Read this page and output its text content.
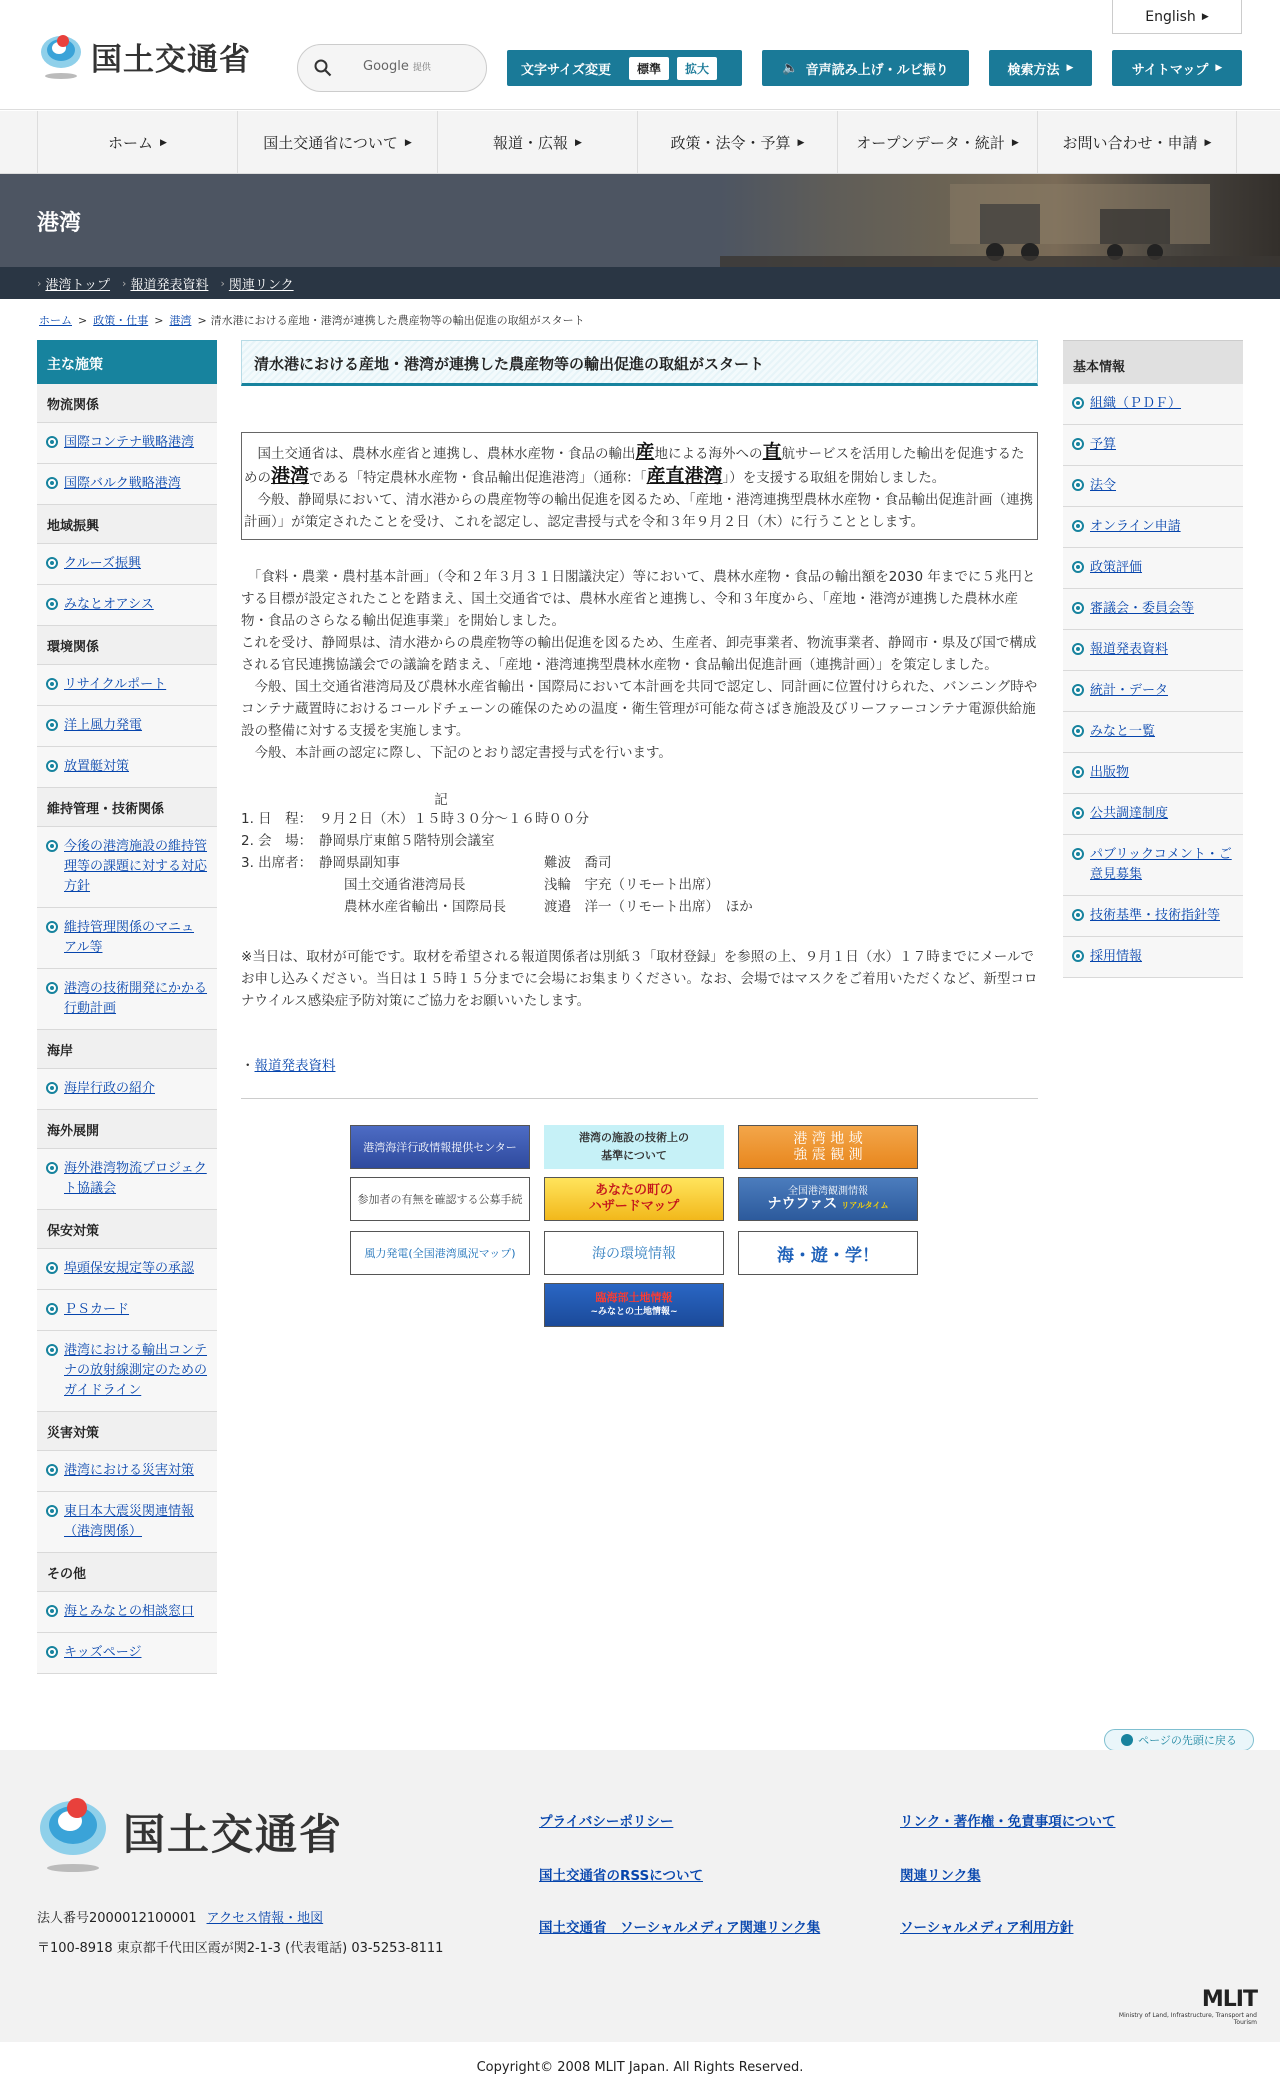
国土交通省	Google 提供
English ▶
文字サイズ変更	標準	拡大	🔈 音声読み上げ・ルビ振り	検索方法 ▶	サイトマップ ▶
ホーム ▶	国土交通省について ▶	報道・広報 ▶	政策・法令・予算 ▶	オープンデータ・統計 ▶	お問い合わせ・申請 ▶
港湾
› 港湾トップ › 報道発表資料 › 関連リンク
ホーム > 政策・仕事 > 港湾 > 清水港における産地・港湾が連携した農産物等の輸出促進の取組がスタート
主な施策
物流関係
国際コンテナ戦略港湾
国際バルク戦略港湾
地域振興
クルーズ振興
みなとオアシス
環境関係
リサイクルポート
洋上風力発電
放置艇対策
維持管理・技術関係
今後の港湾施設の維持管理等の課題に対する対応方針
維持管理関係のマニュアル等
港湾の技術開発にかかる行動計画
海岸
海岸行政の紹介
海外展開
海外港湾物流プロジェクト協議会
保安対策
埠頭保安規定等の承認
ＰＳカード
港湾における輸出コンテナの放射線測定のためのガイドライン
災害対策
港湾における災害対策
東日本大震災関連情報（港湾関係）
その他
海とみなとの相談窓口
キッズページ
基本情報
組織（ＰＤＦ）
予算
法令
オンライン申請
政策評価
審議会・委員会等
報道発表資料
統計・データ
みなと一覧
出版物
公共調達制度
パブリックコメント・ご意見募集
技術基準・技術指針等
採用情報
清水港における産地・港湾が連携した農産物等の輸出促進の取組がスタート
　国土交通省は、農林水産省と連携し、農林水産物・食品の輸出産地による海外への直航サービスを活用した輸出を促進するための港湾である「特定農林水産物・食品輸出促進港湾」（通称：「産直港湾」）を支援する取組を開始しました。
　今般、静岡県において、清水港からの農産物等の輸出促進を図るため、「産地・港湾連携型農林水産物・食品輸出促進計画（連携計画）」が策定されたことを受け、これを認定し、認定書授与式を令和３年９月２日（木）に行うこととします。

　「食料・農業・農村基本計画」（令和２年３月３１日閣議決定）等において、農林水産物・食品の輸出額を2030 年までに５兆円とする目標が設定されたことを踏まえ、国土交通省では、農林水産省と連携し、令和３年度から、「産地・港湾が連携した農林水産物・食品のさらなる輸出促進事業」を開始しました。

これを受け、静岡県は、清水港からの農産物等の輸出促進を図るため、生産者、卸売事業者、物流事業者、静岡市・県及び国で構成される官民連携協議会での議論を踏まえ、「産地・港湾連携型農林水産物・食品輸出促進計画（連携計画）」を策定しました。

　今般、国土交通省港湾局及び農林水産省輸出・国際局において本計画を共同で認定し、同計画に位置付けられた、バンニング時やコンテナ蔵置時におけるコールドチェーンの確保のための温度・衛生管理が可能な荷さばき施設及びリーファーコンテナ電源供給施設の整備に対する支援を実施します。

　今般、本計画の認定に際し、下記のとおり認定書授与式を行います。

記
1. 日　程： ９月２日（木）１５時３０分～１６時００分
2. 会　場： 静岡県庁東館５階特別会議室
3. 出席者： 静岡県副知事	難波　喬司
国土交通省港湾局長	浅輪　宇充（リモート出席）
農林水産省輸出・国際局長	渡邉　洋一（リモート出席）　ほか
※当日は、取材が可能です。取材を希望される報道関係者は別紙３「取材登録」を参照の上、９月１日（水）１７時までにメールでお申し込みください。当日は１５時１５分までに会場にお集まりください。なお、会場ではマスクをご着用いただくなど、新型コロナウイルス感染症予防対策にご協力をお願いいたします。
・報道発表資料
港湾海洋行政情報提供センター
港湾の施設の技術上の
基準について
港 湾 地 域
強 震 観 測
参加者の有無を確認する公募手続
あなたの町の
ハザードマップ
全国港湾観測情報
ナウファス リアルタイム
風力発電(全国港湾風況マップ)	海の環境情報	海・遊・学！
臨海部土地情報
~みなとの土地情報~
ページの先頭に戻る
国土交通省
法人番号2000012100001 アクセス情報・地図
〒100-8918 東京都千代田区霞が関2-1-3 (代表電話) 03-5253-8111
プライバシーポリシー	リンク・著作権・免責事項について
国土交通省のRSSについて	関連リンク集
国土交通省　ソーシャルメディア関連リンク集	ソーシャルメディア利用方針
MLIT
Ministry of Land, Infrastructure, Transport and Tourism
Copyright© 2008 MLIT Japan. All Rights Reserved.
